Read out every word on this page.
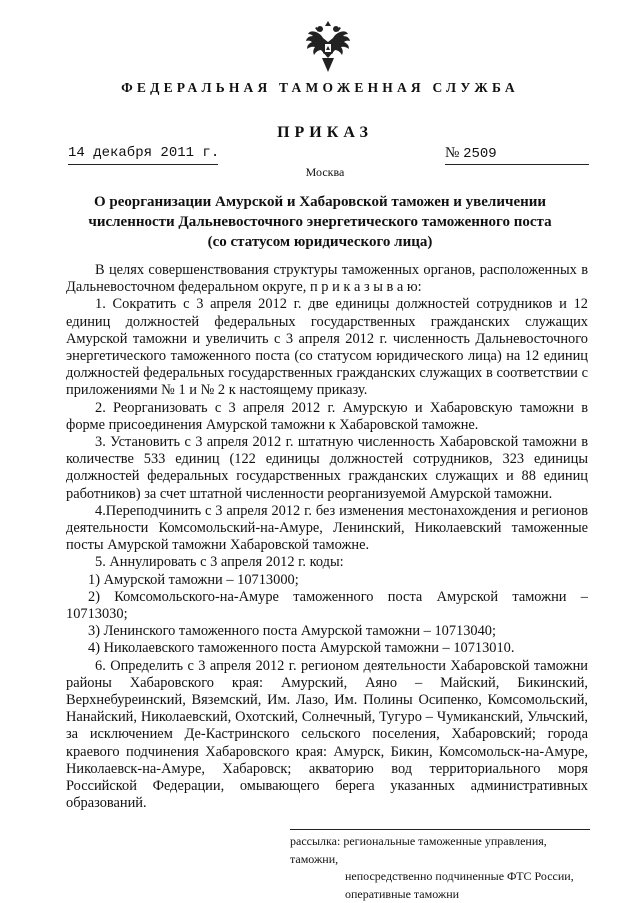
ФЕДЕРАЛЬНАЯ ТАМОЖЕННАЯ СЛУЖБА
ПРИКАЗ
14 декабря 2011 г.	№ 2509
Москва
О реорганизации Амурской и Хабаровской таможен и увеличении
численности Дальневосточного энергетического таможенного поста
(со статусом юридического лица)

В целях совершенствования структуры таможенных органов, расположенных в Дальневосточном федеральном округе, п р и к а з ы в а ю:

1. Сократить с 3 апреля 2012 г. две единицы должностей сотрудников и 12 единиц должностей федеральных государственных гражданских служащих Амурской таможни и увеличить с 3 апреля 2012 г. численность Дальневосточного энергетического таможенного поста (со статусом юридического лица) на 12 единиц должностей федеральных государственных гражданских служащих в соответствии с приложениями № 1 и № 2 к настоящему приказу.

2. Реорганизовать с 3 апреля 2012 г. Амурскую и Хабаровскую таможни в форме присоединения Амурской таможни к Хабаровской таможне.

3. Установить с 3 апреля 2012 г. штатную численность Хабаровской таможни в количестве 533 единиц (122 единицы должностей сотрудников, 323 единицы должностей федеральных государственных гражданских служащих и 88 единиц работников) за счет штатной численности реорганизуемой Амурской таможни.

4.Переподчинить с 3 апреля 2012 г. без изменения местонахождения и регионов деятельности Комсомольский-на-Амуре, Ленинский, Николаевский таможенные посты Амурской таможни Хабаровской таможне.

5. Аннулировать с 3 апреля 2012 г. коды:

1) Амурской таможни – 10713000;

2) Комсомольского-на-Амуре таможенного поста Амурской таможни – 10713030;

3) Ленинского таможенного поста Амурской таможни – 10713040;

4) Николаевского таможенного поста Амурской таможни – 10713010.

6. Определить с 3 апреля 2012 г. регионом деятельности Хабаровской таможни районы Хабаровского края: Амурский, Аяно – Майский, Бикинский, Верхнебуреинский, Вяземский, Им. Лазо, Им. Полины Осипенко, Комсомольский, Нанайский, Николаевский, Охотский, Солнечный, Тугуро – Чумиканский, Ульчский, за исключением Де-Кастринского сельского поселения, Хабаровский; города краевого подчинения Хабаровского края: Амурск, Бикин, Комсомольск-на-Амуре, Николаевск-на-Амуре, Хабаровск; акваторию вод территориального моря Российской Федерации, омывающего берега указанных административных образований.

рассылка: региональные таможенные управления, таможни,
непосредственно подчиненные ФТС России,
оперативные таможни
